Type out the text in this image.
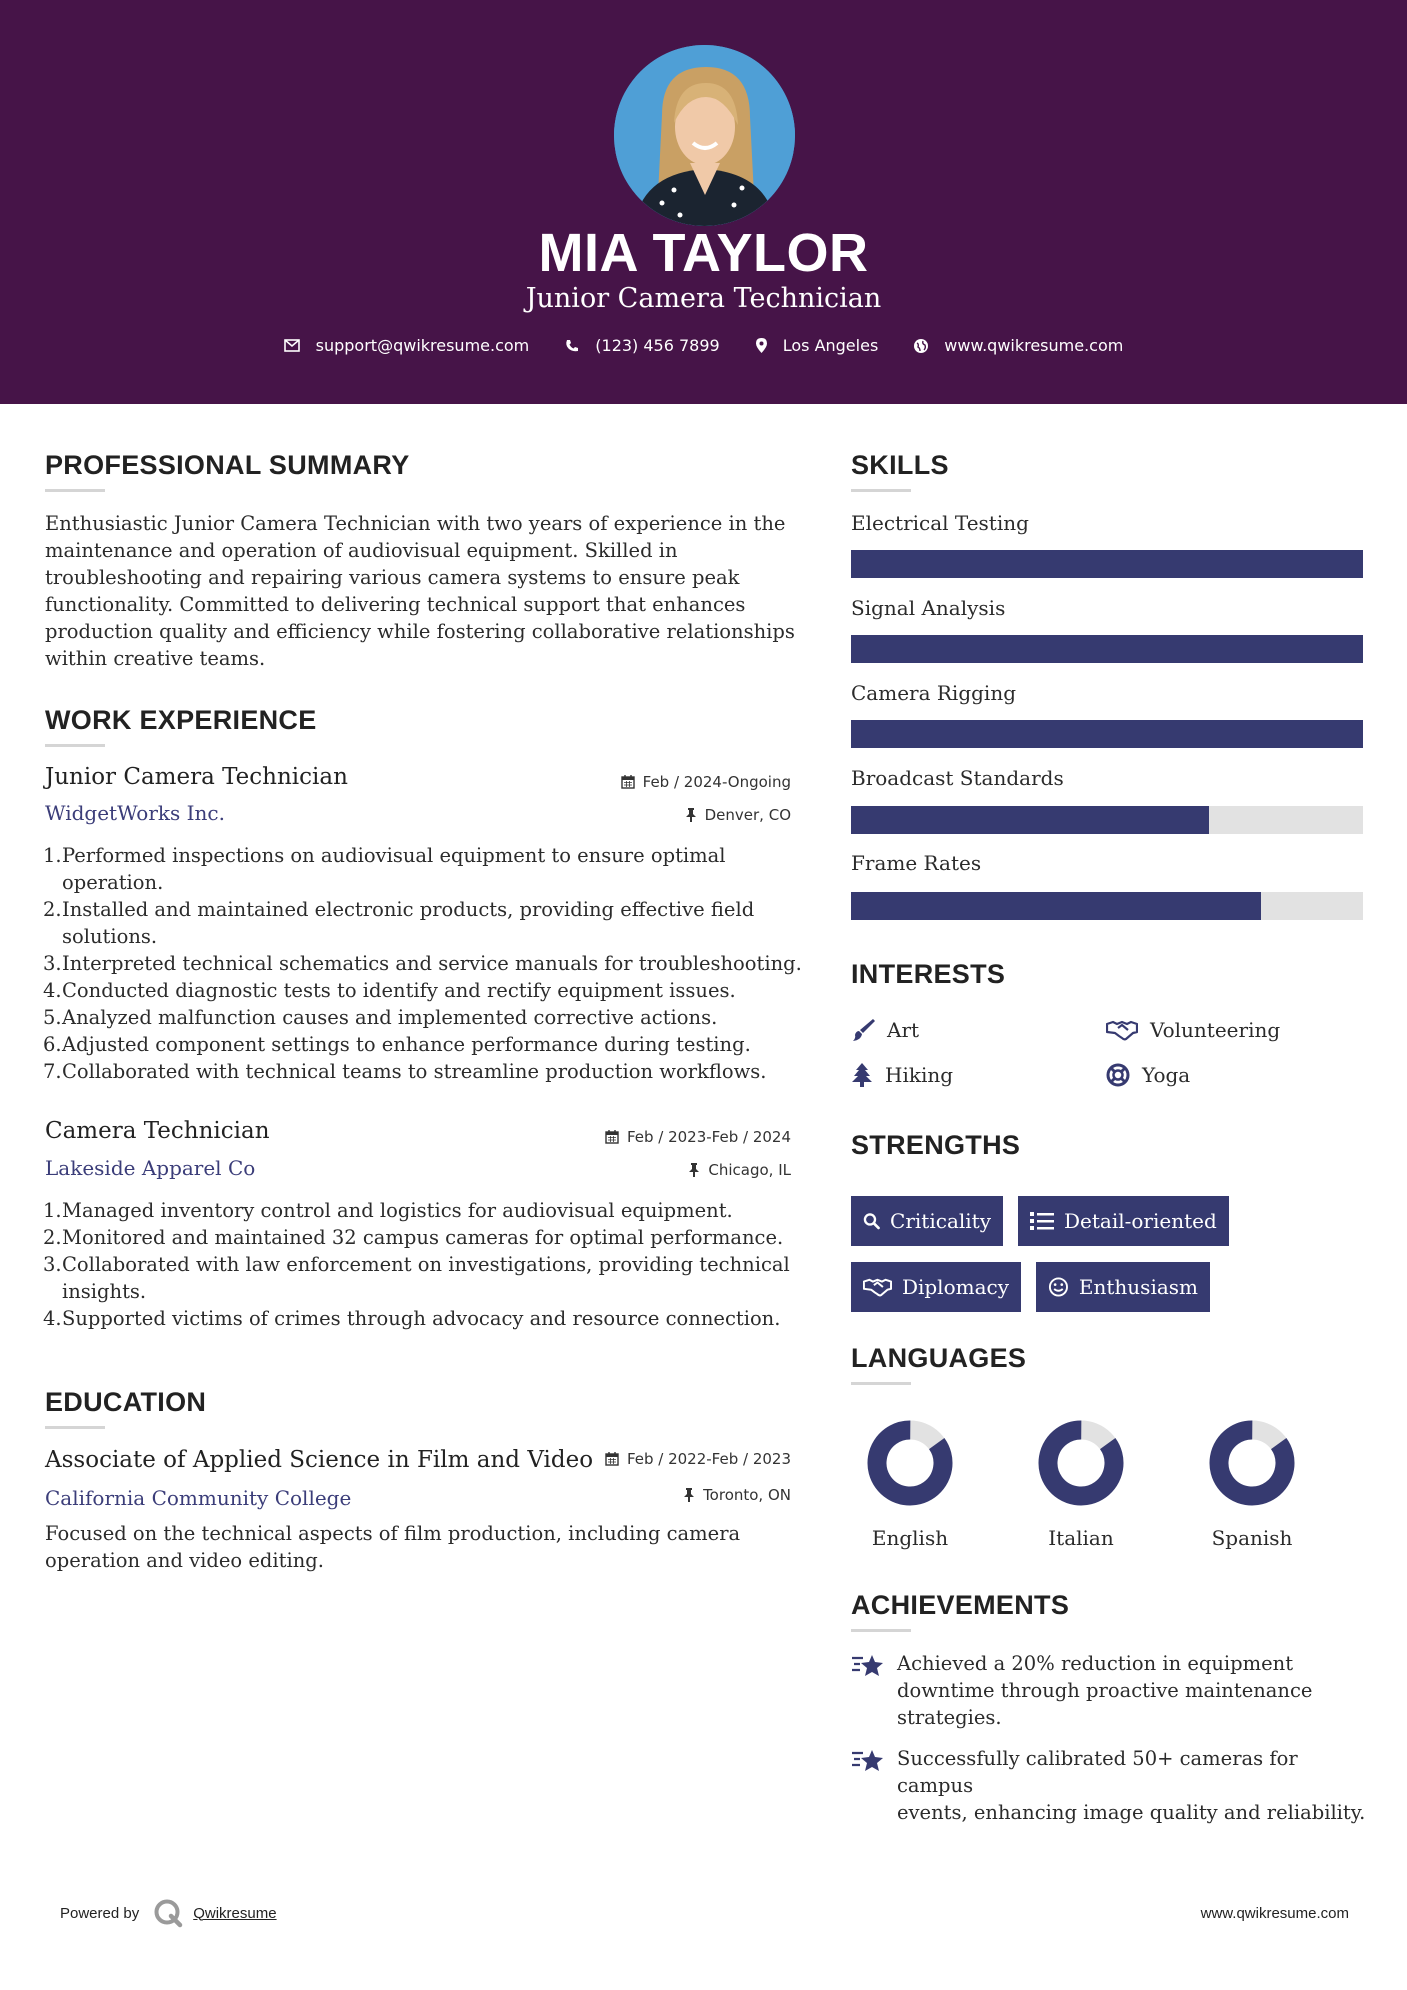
MIA TAYLOR
Junior Camera Technician
support@qwikresume.com	(123) 456 7899	Los Angeles	www.qwikresume.com
PROFESSIONAL SUMMARY
Enthusiastic Junior Camera Technician with two years of experience in the
maintenance and operation of audiovisual equipment. Skilled in
troubleshooting and repairing various camera systems to ensure peak
functionality. Committed to delivering technical support that enhances
production quality and efficiency while fostering collaborative relationships
within creative teams.
WORK EXPERIENCE
Junior Camera Technician
WidgetWorks Inc.
Feb / 2024-Ongoing
Denver, CO
1. Performed inspections on audiovisual equipment to ensure optimal
operation.
2. Installed and maintained electronic products, providing effective field
solutions.
3. Interpreted technical schematics and service manuals for troubleshooting.
4. Conducted diagnostic tests to identify and rectify equipment issues.
5. Analyzed malfunction causes and implemented corrective actions.
6. Adjusted component settings to enhance performance during testing.
7. Collaborated with technical teams to streamline production workflows.
Camera Technician
Lakeside Apparel Co
Feb / 2023-Feb / 2024
Chicago, IL
1. Managed inventory control and logistics for audiovisual equipment.
2. Monitored and maintained 32 campus cameras for optimal performance.
3. Collaborated with law enforcement on investigations, providing technical
insights.
4. Supported victims of crimes through advocacy and resource connection.
EDUCATION
Associate of Applied Science in Film and Video
California Community College
Feb / 2022-Feb / 2023
Toronto, ON
Focused on the technical aspects of film production, including camera
operation and video editing.
SKILLS
Electrical Testing
Signal Analysis
Camera Rigging
Broadcast Standards
Frame Rates
INTERESTS
Art	Volunteering
Hiking	Yoga
STRENGTHS
Criticality	Detail-oriented
Diplomacy	Enthusiasm
LANGUAGES
English	Italian	Spanish
ACHIEVEMENTS
Achieved a 20% reduction in equipment
downtime through proactive maintenance
strategies.
Successfully calibrated 50+ cameras for campus
events, enhancing image quality and reliability.
Powered by	Qwikresume	www.qwikresume.com
